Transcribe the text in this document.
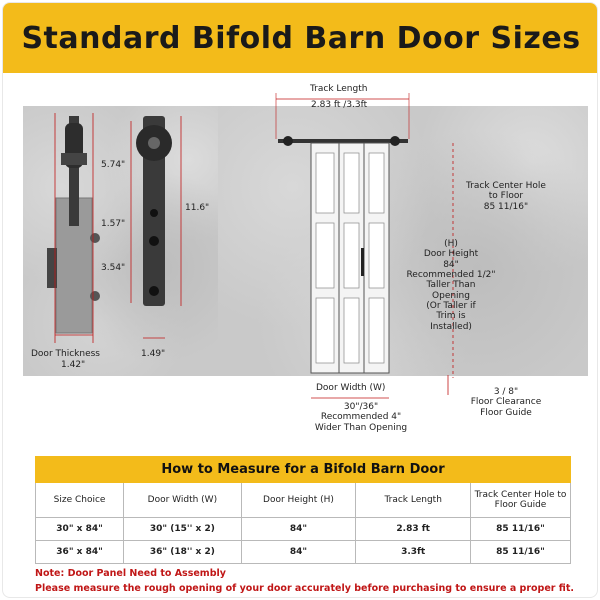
Standard Bifold Barn Door Sizes
5.74"
1.57"
3.54"
11.6"
Door Thickness
1.42"
1.49"
Track Length
2.83 ft /3.3ft
Track Center Hole
to Floor
85 11/16"
(H)
Door Height
84"
Recommended 1/2"
Taller Than
Opening
(Or Taller if
Trim is
Installed)
Door Width (W)
30"/36"
Recommended 4"
Wider Than Opening
3 / 8"
Floor Clearance
Floor Guide
How to Measure for a Bifold Barn Door				
Size Choice	Door Width (W)	Door Height (H)	Track Length	Track Center Hole to Floor Guide
30" x 84"	30" (15'' x 2)	84"	2.83 ft	85 11/16"
36" x 84"	36" (18'' x 2)	84"	3.3ft	85 11/16"
Note: Door Panel Need to Assembly
Please measure the rough opening of your door accurately before purchasing to ensure a proper fit.
